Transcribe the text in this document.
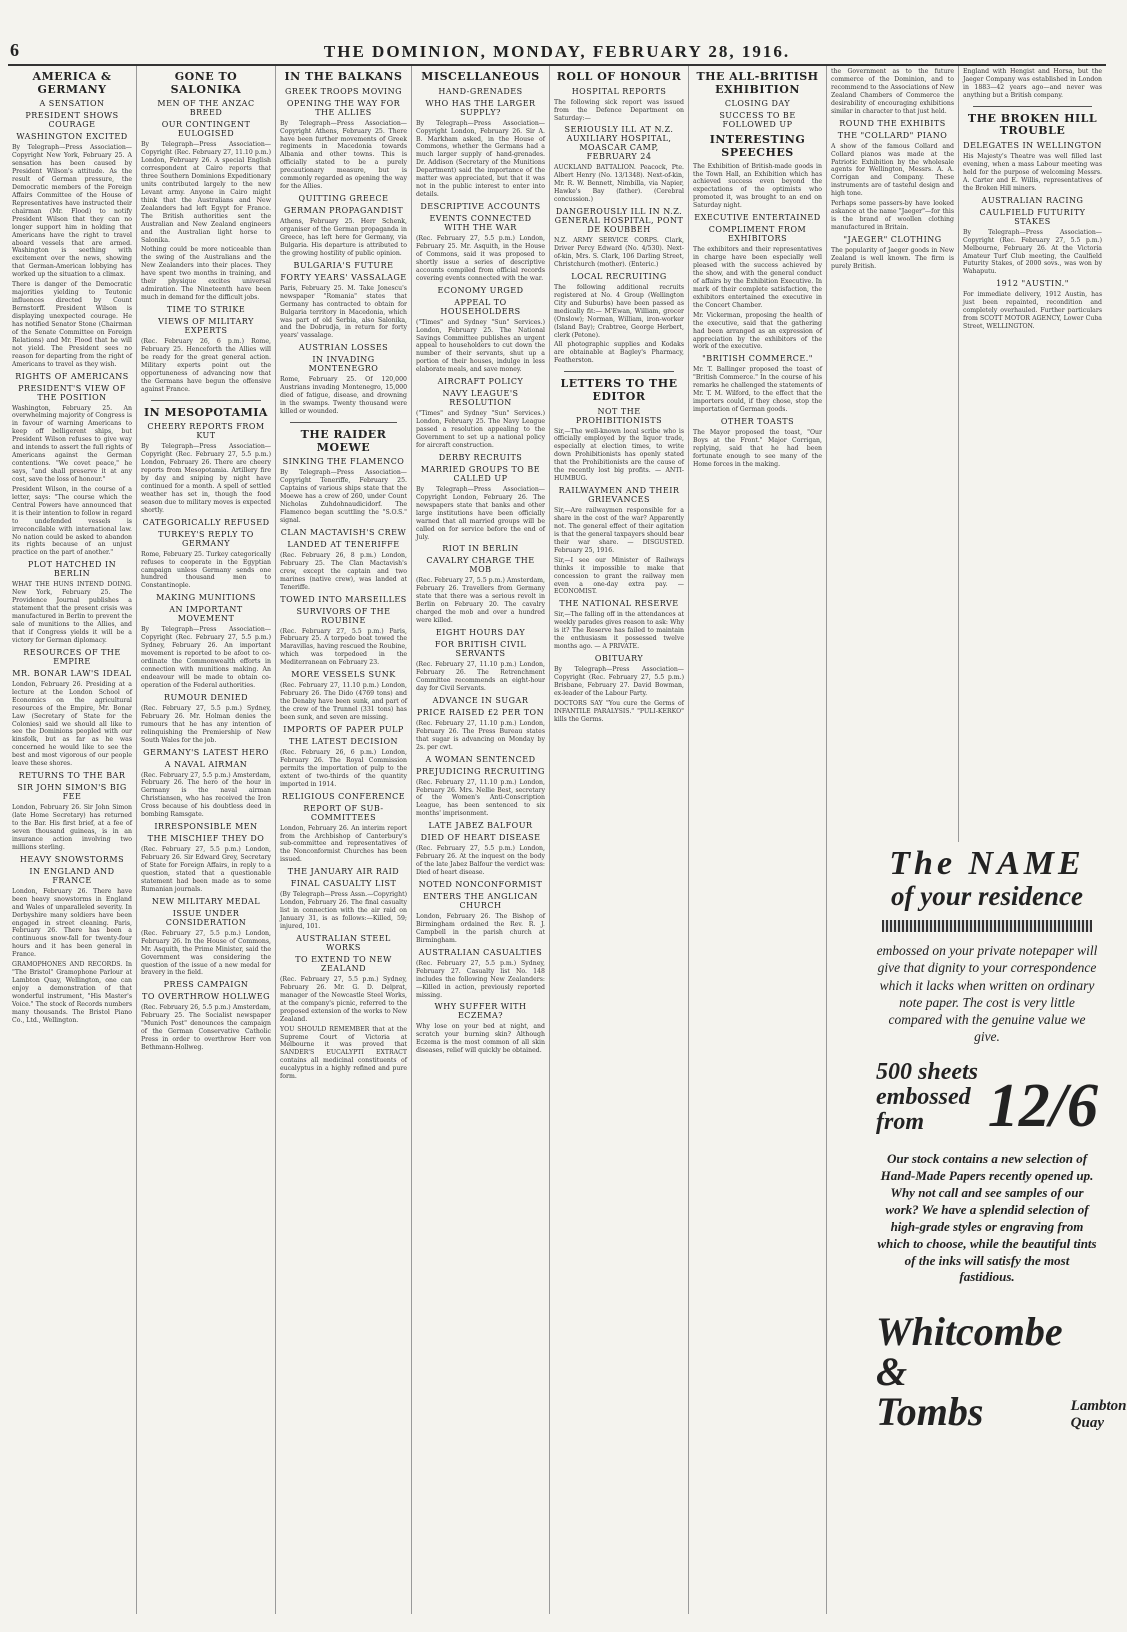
6	THE DOMINION, MONDAY, FEBRUARY 28, 1916.
AMERICA & GERMANY
A SENSATION
PRESIDENT SHOWS COURAGE
WASHINGTON EXCITED
By Telegraph—Press Association—Copyright New York, February 25. A sensation has been caused by President Wilson's attitude. As the result of German pressure, the Democratic members of the Foreign Affairs Committee of the House of Representatives have instructed their chairman (Mr. Flood) to notify President Wilson that they can no longer support him in holding that Americans have the right to travel aboard vessels that are armed. Washington is seething with excitement over the news, showing that German-American lobbying has worked up the situation to a climax.
There is danger of the Democratic majorities yielding to Teutonic influences directed by Count Bernstorff. President Wilson is displaying unexpected courage. He has notified Senator Stone (Chairman of the Senate Committee on Foreign Relations) and Mr. Flood that he will not yield. The President sees no reason for departing from the right of Americans to travel as they wish.
RIGHTS OF AMERICANS
PRESIDENT'S VIEW OF THE POSITION
Washington, February 25. An overwhelming majority of Congress is in favour of warning Americans to keep off belligerent ships, but President Wilson refuses to give way and intends to assert the full rights of Americans against the German contentions. "We covet peace," he says, "and shall preserve it at any cost, save the loss of honour."
President Wilson, in the course of a letter, says: "The course which the Central Powers have announced that it is their intention to follow in regard to undefended vessels is irreconcilable with international law. No nation could be asked to abandon its rights because of an unjust practice on the part of another."
PLOT HATCHED IN BERLIN
WHAT THE HUNS INTEND DOING. New York, February 25. The Providence Journal publishes a statement that the present crisis was manufactured in Berlin to prevent the sale of munitions to the Allies, and that if Congress yields it will be a victory for German diplomacy.
RESOURCES OF THE EMPIRE
MR. BONAR LAW'S IDEAL
London, February 26. Presiding at a lecture at the London School of Economics on the agricultural resources of the Empire, Mr. Bonar Law (Secretary of State for the Colonies) said we should all like to see the Dominions peopled with our kinsfolk, but as far as he was concerned he would like to see the best and most vigorous of our people leave these shores.
RETURNS TO THE BAR
SIR JOHN SIMON'S BIG FEE
London, February 26. Sir John Simon (late Home Secretary) has returned to the Bar. His first brief, at a fee of seven thousand guineas, is in an insurance action involving two millions sterling.
HEAVY SNOWSTORMS
IN ENGLAND AND FRANCE
London, February 26. There have been heavy snowstorms in England and Wales of unparalleled severity. In Derbyshire many soldiers have been engaged in street cleaning. Paris, February 26. There has been a continuous snow-fall for twenty-four hours and it has been general in France.
GRAMOPHONES AND RECORDS. In "The Bristol" Gramophone Parlour at Lambton Quay, Wellington, one can enjoy a demonstration of that wonderful instrument, "His Master's Voice." The stock of Records numbers many thousands. The Bristol Piano Co., Ltd., Wellington.
GONE TO SALONIKA
MEN OF THE ANZAC BREED
OUR CONTINGENT EULOGISED
By Telegraph—Press Association—Copyright (Rec. February 27, 11.10 p.m.) London, February 26. A special English correspondent at Cairo reports that three Southern Dominions Expeditionary units contributed largely to the new Levant army. Anyone in Cairo might think that the Australians and New Zealanders had left Egypt for France. The British authorities sent the Australian and New Zealand engineers and the Australian light horse to Salonika.
Nothing could be more noticeable than the swing of the Australians and the New Zealanders into their places. They have spent two months in training, and their physique excites universal admiration. The Nineteenth have been much in demand for the difficult jobs.
TIME TO STRIKE
VIEWS OF MILITARY EXPERTS
(Rec. February 26, 6 p.m.) Rome, February 25. Henceforth the Allies will be ready for the great general action. Military experts point out the opportuneness of advancing now that the Germans have begun the offensive against France.
IN MESOPOTAMIA
CHEERY REPORTS FROM KUT
By Telegraph—Press Association—Copyright (Rec. February 27, 5.5 p.m.) London, February 26. There are cheery reports from Mesopotamia. Artillery fire by day and sniping by night have continued for a month. A spell of settled weather has set in, though the food season due to military moves is expected shortly.
CATEGORICALLY REFUSED
TURKEY'S REPLY TO GERMANY
Rome, February 25. Turkey categorically refuses to cooperate in the Egyptian campaign unless Germany sends one hundred thousand men to Constantinople.
MAKING MUNITIONS
AN IMPORTANT MOVEMENT
By Telegraph—Press Association—Copyright (Rec. February 27, 5.5 p.m.) Sydney, February 26. An important movement is reported to be afoot to co-ordinate the Commonwealth efforts in connection with munitions making. An endeavour will be made to obtain co-operation of the Federal authorities.
RUMOUR DENIED
(Rec. February 27, 5.5 p.m.) Sydney, February 26. Mr. Holman denies the rumours that he has any intention of relinquishing the Premiership of New South Wales for the job.
GERMANY'S LATEST HERO
A NAVAL AIRMAN
(Rec. February 27, 5.5 p.m.) Amsterdam, February 26. The hero of the hour in Germany is the naval airman Christiansen, who has received the Iron Cross because of his doubtless deed in bombing Ramsgate.
IRRESPONSIBLE MEN
THE MISCHIEF THEY DO
(Rec. February 27, 5.5 p.m.) London, February 26. Sir Edward Grey, Secretary of State for Foreign Affairs, in reply to a question, stated that a questionable statement had been made as to some Rumanian journals.
NEW MILITARY MEDAL
ISSUE UNDER CONSIDERATION
(Rec. February 27, 5.5 p.m.) London, February 26. In the House of Commons, Mr. Asquith, the Prime Minister, said the Government was considering the question of the issue of a new medal for bravery in the field.
PRESS CAMPAIGN
TO OVERTHROW HOLLWEG
(Rec. February 26, 5.5 p.m.) Amsterdam, February 25. The Socialist newspaper "Munich Post" denounces the campaign of the German Conservative Catholic Press in order to overthrow Herr von Bethmann-Hollweg.
IN THE BALKANS
GREEK TROOPS MOVING
OPENING THE WAY FOR THE ALLIES
By Telegraph—Press Association—Copyright Athens, February 25. There have been further movements of Greek regiments in Macedonia towards Albania and other towns. This is officially stated to be a purely precautionary measure, but is commonly regarded as opening the way for the Allies.
QUITTING GREECE
GERMAN PROPAGANDIST
Athens, February 25. Herr Schenk, organiser of the German propaganda in Greece, has left here for Germany, via Bulgaria. His departure is attributed to the growing hostility of public opinion.
BULGARIA'S FUTURE
FORTY YEARS' VASSALAGE
Paris, February 25. M. Take Jonescu's newspaper "Romania" states that Germany has contracted to obtain for Bulgaria territory in Macedonia, which was part of old Serbia, also Salonika, and the Dobrudja, in return for forty years' vassalage.
AUSTRIAN LOSSES
IN INVADING MONTENEGRO
Rome, February 25. Of 120,000 Austrians invading Montenegro, 15,000 died of fatigue, disease, and drowning in the swamps. Twenty thousand were killed or wounded.
THE RAIDER MOEWE
SINKING THE FLAMENCO
By Telegraph—Press Association—Copyright Teneriffe, February 25. Captains of various ships state that the Moewe has a crew of 260, under Count Nicholas Zuhdohnaudicidorf. The Flamenco began scuttling the "S.O.S." signal.
CLAN MACTAVISH'S CREW
LANDED AT TENERIFFE
(Rec. February 26, 8 p.m.) London, February 25. The Clan Mactavish's crew, except the captain and two marines (native crew), was landed at Teneriffe.
TOWED INTO MARSEILLES
SURVIVORS OF THE ROUBINE
(Rec. February 27, 5.5 p.m.) Paris, February 25. A torpedo boat towed the Maravillas, having rescued the Roubine, which was torpedoed in the Mediterranean on February 23.
MORE VESSELS SUNK
(Rec. February 27, 11.10 p.m.) London, February 26. The Dido (4769 tons) and the Denaby have been sunk, and part of the crew of the Trunnel (331 tons) has been sunk, and seven are missing.
IMPORTS OF PAPER PULP
THE LATEST DECISION
(Rec. February 26, 6 p.m.) London, February 26. The Royal Commission permits the importation of pulp to the extent of two-thirds of the quantity imported in 1914.
RELIGIOUS CONFERENCE
REPORT OF SUB-COMMITTEES
London, February 26. An interim report from the Archbishop of Canterbury's sub-committee and representatives of the Nonconformist Churches has been issued.
THE JANUARY AIR RAID
FINAL CASUALTY LIST
(By Telegraph—Press Assn.—Copyright) London, February 26. The final casualty list in connection with the air raid on January 31, is as follows:—Killed, 59; injured, 101.
AUSTRALIAN STEEL WORKS
TO EXTEND TO NEW ZEALAND
(Rec. February 27, 5.5 p.m.) Sydney, February 26. Mr. G. D. Delprat, manager of the Newcastle Steel Works, at the company's picnic, referred to the proposed extension of the works to New Zealand.
YOU SHOULD REMEMBER that at the Supreme Court of Victoria at Melbourne it was proved that SANDER'S EUCALYPTI EXTRACT contains all medicinal constituents of eucalyptus in a highly refined and pure form.
MISCELLANEOUS
HAND-GRENADES
WHO HAS THE LARGER SUPPLY?
By Telegraph—Press Association—Copyright London, February 26. Sir A. B. Markham asked, in the House of Commons, whether the Germans had a much larger supply of hand-grenades. Dr. Addison (Secretary of the Munitions Department) said the importance of the matter was appreciated, but that it was not in the public interest to enter into details.
DESCRIPTIVE ACCOUNTS
EVENTS CONNECTED WITH THE WAR
(Rec. February 27, 5.5 p.m.) London, February 25. Mr. Asquith, in the House of Commons, said it was proposed to shortly issue a series of descriptive accounts compiled from official records covering events connected with the war.
ECONOMY URGED
APPEAL TO HOUSEHOLDERS
("Times" and Sydney "Sun" Services.) London, February 25. The National Savings Committee publishes an urgent appeal to householders to cut down the number of their servants, shut up a portion of their houses, indulge in less elaborate meals, and save money.
AIRCRAFT POLICY
NAVY LEAGUE'S RESOLUTION
("Times" and Sydney "Sun" Services.) London, February 25. The Navy League passed a resolution appealing to the Government to set up a national policy for aircraft construction.
DERBY RECRUITS
MARRIED GROUPS TO BE CALLED UP
By Telegraph—Press Association—Copyright London, February 26. The newspapers state that banks and other large institutions have been officially warned that all married groups will be called on for service before the end of July.
RIOT IN BERLIN
CAVALRY CHARGE THE MOB
(Rec. February 27, 5.5 p.m.) Amsterdam, February 26. Travellers from Germany state that there was a serious revolt in Berlin on February 20. The cavalry charged the mob and over a hundred were killed.
EIGHT HOURS DAY
FOR BRITISH CIVIL SERVANTS
(Rec. February 27, 11.10 p.m.) London, February 26. The Retrenchment Committee recommends an eight-hour day for Civil Servants.
ADVANCE IN SUGAR
PRICE RAISED £2 PER TON
(Rec. February 27, 11.10 p.m.) London, February 26. The Press Bureau states that sugar is advancing on Monday by 2s. per cwt.
A WOMAN SENTENCED
PREJUDICING RECRUITING
(Rec. February 27, 11.10 p.m.) London, February 26. Mrs. Nellie Best, secretary of the Women's Anti-Conscription League, has been sentenced to six months' imprisonment.
LATE JABEZ BALFOUR
DIED OF HEART DISEASE
(Rec. February 27, 5.5 p.m.) London, February 26. At the inquest on the body of the late Jabez Balfour the verdict was: Died of heart disease.
NOTED NONCONFORMIST
ENTERS THE ANGLICAN CHURCH
London, February 26. The Bishop of Birmingham ordained the Rev. R. J. Campbell in the parish church at Birmingham.
AUSTRALIAN CASUALTIES
(Rec. February 27, 5.5 p.m.) Sydney, February 27. Casualty list No. 148 includes the following New Zealanders:—Killed in action, previously reported missing.
WHY SUFFER WITH ECZEMA?
Why lose on your bed at night, and scratch your burning skin? Although Eczema is the most common of all skin diseases, relief will quickly be obtained.
ROLL OF HONOUR
HOSPITAL REPORTS
The following sick report was issued from the Defence Department on Saturday:—
SERIOUSLY ILL AT N.Z. AUXILIARY HOSPITAL, MOASCAR CAMP, FEBRUARY 24
AUCKLAND BATTALION. Peacock, Pte. Albert Henry (No. 13/1348). Next-of-kin, Mr. R. W. Bennett, Nimbilla, via Napier, Hawke's Bay (father). (Cerebral concussion.)
DANGEROUSLY ILL IN N.Z. GENERAL HOSPITAL, PONT DE KOUBBEH
N.Z. ARMY SERVICE CORPS. Clark, Driver Percy Edward (No. 4/530). Next-of-kin, Mrs. S. Clark, 106 Darling Street, Christchurch (mother). (Enteric.)
LOCAL RECRUITING
The following additional recruits registered at No. 4 Group (Wellington City and Suburbs) have been passed as medically fit:— M'Ewan, William, grocer (Onslow); Norman, William, iron-worker (Island Bay); Crabtree, George Herbert, clerk (Petone).
All photographic supplies and Kodaks are obtainable at Bagley's Pharmacy, Featherston.
LETTERS TO THE EDITOR
NOT THE PROHIBITIONISTS
Sir,—The well-known local scribe who is officially employed by the liquor trade, especially at election times, to write down Prohibitionists has openly stated that the Prohibitionists are the cause of the recently lost big profits. — ANTI-HUMBUG.
RAILWAYMEN AND THEIR GRIEVANCES
Sir,—Are railwaymen responsible for a share in the cost of the war? Apparently not. The general effect of their agitation is that the general taxpayers should bear their war share. — DISGUSTED. February 25, 1916.
Sir,—I see our Minister of Railways thinks it impossible to make that concession to grant the railway men even a one-day extra pay. — ECONOMIST.
THE NATIONAL RESERVE
Sir,—The falling off in the attendances at weekly parades gives reason to ask: Why is it? The Reserve has failed to maintain the enthusiasm it possessed twelve months ago. — A PRIVATE.
OBITUARY
By Telegraph—Press Association—Copyright (Rec. February 27, 5.5 p.m.) Brisbane, February 27. David Bowman, ex-leader of the Labour Party.
DOCTORS SAY "You cure the Germs of INFANTILE PARALYSIS." "PULI-KERKO" kills the Germs.
THE ALL-BRITISH EXHIBITION
CLOSING DAY
SUCCESS TO BE FOLLOWED UP
INTERESTING SPEECHES
The Exhibition of British-made goods in the Town Hall, an Exhibition which has achieved success even beyond the expectations of the optimists who promoted it, was brought to an end on Saturday night.
EXECUTIVE ENTERTAINED
COMPLIMENT FROM EXHIBITORS
The exhibitors and their representatives in charge have been especially well pleased with the success achieved by the show, and with the general conduct of affairs by the Exhibition Executive. In mark of their complete satisfaction, the exhibitors entertained the executive in the Concert Chamber.
Mr. Vickerman, proposing the health of the executive, said that the gathering had been arranged as an expression of appreciation by the exhibitors of the work of the executive.
"BRITISH COMMERCE."
Mr. T. Ballinger proposed the toast of "British Commerce." In the course of his remarks he challenged the statements of Mr. T. M. Wilford, to the effect that the importers could, if they chose, stop the importation of German goods.
OTHER TOASTS
The Mayor proposed the toast, "Our Boys at the Front." Major Corrigan, replying, said that he had been fortunate enough to see many of the Home forces in the making.
the Government as to the future commerce of the Dominion, and to recommend to the Associations of New Zealand Chambers of Commerce the desirability of encouraging exhibitions similar in character to that just held.
ROUND THE EXHIBITS
THE "COLLARD" PIANO
A show of the famous Collard and Collard pianos was made at the Patriotic Exhibition by the wholesale agents for Wellington, Messrs. A. A. Corrigan and Company. These instruments are of tasteful design and high tone.
Perhaps some passers-by have looked askance at the name "Jaeger"—for this is the brand of woollen clothing manufactured in Britain.
"JAEGER" CLOTHING
The popularity of Jaeger goods in New Zealand is well known. The firm is purely British.
England with Hengist and Horsa, but the Jaeger Company was established in London in 1883—42 years ago—and never was anything but a British company.
THE BROKEN HILL TROUBLE
DELEGATES IN WELLINGTON
His Majesty's Theatre was well filled last evening, when a mass Labour meeting was held for the purpose of welcoming Messrs. A. Carter and E. Willis, representatives of the Broken Hill miners.
AUSTRALIAN RACING
CAULFIELD FUTURITY STAKES
By Telegraph—Press Association—Copyright (Rec. February 27, 5.5 p.m.) Melbourne, February 26. At the Victoria Amateur Turf Club meeting, the Caulfield Futurity Stakes, of 2000 sovs., was won by Wahaputu.
1912 "AUSTIN."
For immediate delivery, 1912 Austin, has just been repainted, recondition and completely overhauled. Further particulars from SCOTT MOTOR AGENCY, Lower Cuba Street, WELLINGTON.
The NAME
of your residence
embossed on your private notepaper will give that dignity to your correspondence which it lacks when written on ordinary note paper. The cost is very little compared with the genuine value we give.
500 sheets
embossed from	12/6
Our stock contains a new selection of Hand-Made Papers recently opened up. Why not call and see samples of our work? We have a splendid selection of high-grade styles or engraving from which to choose, while the beautiful tints of the inks will satisfy the most fastidious.
Whitcombe &
Tombs	Lambton
Quay
